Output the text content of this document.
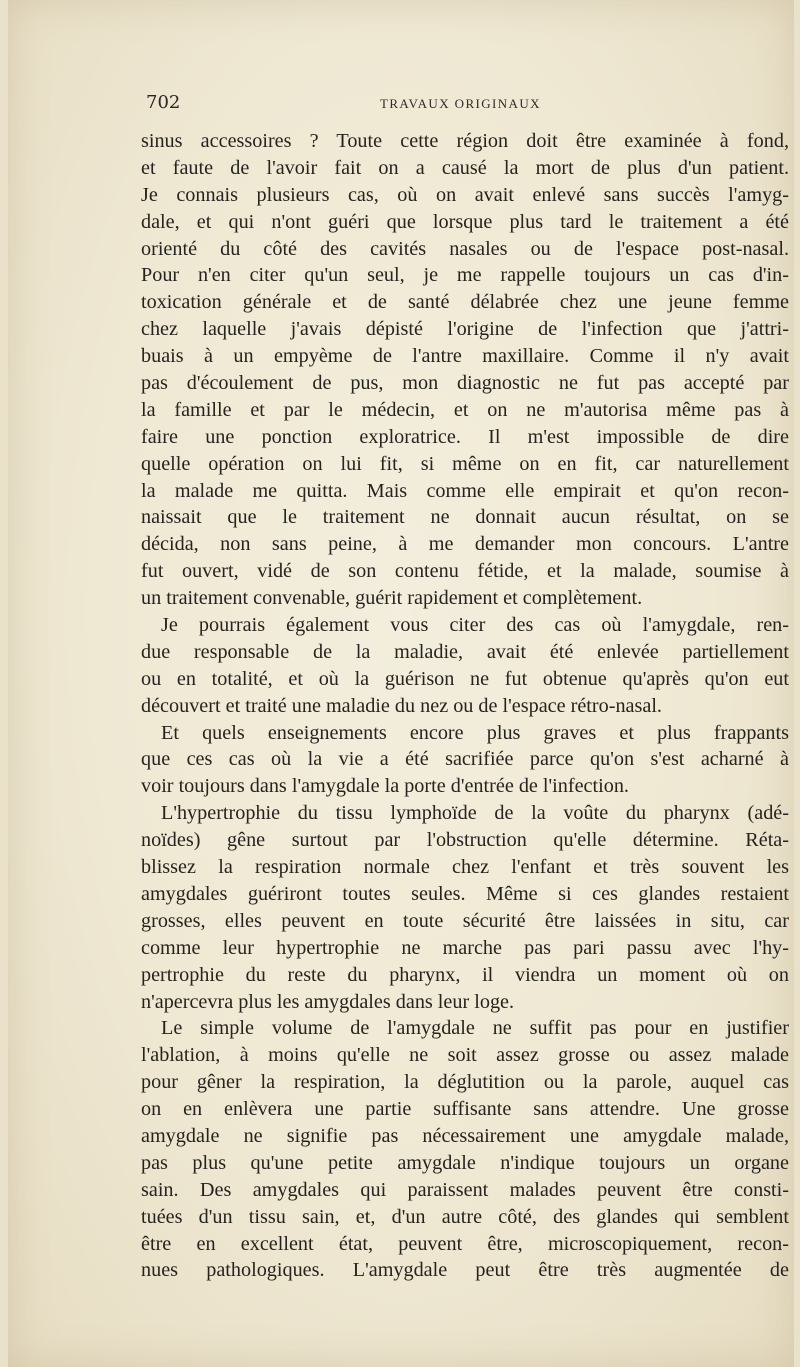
702	TRAVAUX ORIGINAUX
sinus accessoires ? Toute cette région doit être examinée à fond,
et faute de l'avoir fait on a causé la mort de plus d'un patient.
Je connais plusieurs cas, où on avait enlevé sans succès l'amyg-
dale, et qui n'ont guéri que lorsque plus tard le traitement a été
orienté du côté des cavités nasales ou de l'espace post-nasal.
Pour n'en citer qu'un seul, je me rappelle toujours un cas d'in-
toxication générale et de santé délabrée chez une jeune femme
chez laquelle j'avais dépisté l'origine de l'infection que j'attri-
buais à un empyème de l'antre maxillaire. Comme il n'y avait
pas d'écoulement de pus, mon diagnostic ne fut pas accepté par
la famille et par le médecin, et on ne m'autorisa même pas à
faire une ponction exploratrice. Il m'est impossible de dire
quelle opération on lui fit, si même on en fit, car naturellement
la malade me quitta. Mais comme elle empirait et qu'on recon-
naissait que le traitement ne donnait aucun résultat, on se
décida, non sans peine, à me demander mon concours. L'antre
fut ouvert, vidé de son contenu fétide, et la malade, soumise à
un traitement convenable, guérit rapidement et complètement.
Je pourrais également vous citer des cas où l'amygdale, ren-
due responsable de la maladie, avait été enlevée partiellement
ou en totalité, et où la guérison ne fut obtenue qu'après qu'on eut
découvert et traité une maladie du nez ou de l'espace rétro-nasal.
Et quels enseignements encore plus graves et plus frappants
que ces cas où la vie a été sacrifiée parce qu'on s'est acharné à
voir toujours dans l'amygdale la porte d'entrée de l'infection.
L'hypertrophie du tissu lymphoïde de la voûte du pharynx (adé-
noïdes) gêne surtout par l'obstruction qu'elle détermine. Réta-
blissez la respiration normale chez l'enfant et très souvent les
amygdales guériront toutes seules. Même si ces glandes restaient
grosses, elles peuvent en toute sécurité être laissées in situ, car
comme leur hypertrophie ne marche pas pari passu avec l'hy-
pertrophie du reste du pharynx, il viendra un moment où on
n'apercevra plus les amygdales dans leur loge.
Le simple volume de l'amygdale ne suffit pas pour en justifier
l'ablation, à moins qu'elle ne soit assez grosse ou assez malade
pour gêner la respiration, la déglutition ou la parole, auquel cas
on en enlèvera une partie suffisante sans attendre. Une grosse
amygdale ne signifie pas nécessairement une amygdale malade,
pas plus qu'une petite amygdale n'indique toujours un organe
sain. Des amygdales qui paraissent malades peuvent être consti-
tuées d'un tissu sain, et, d'un autre côté, des glandes qui semblent
être en excellent état, peuvent être, microscopiquement, recon-
nues pathologiques. L'amygdale peut être très augmentée de
